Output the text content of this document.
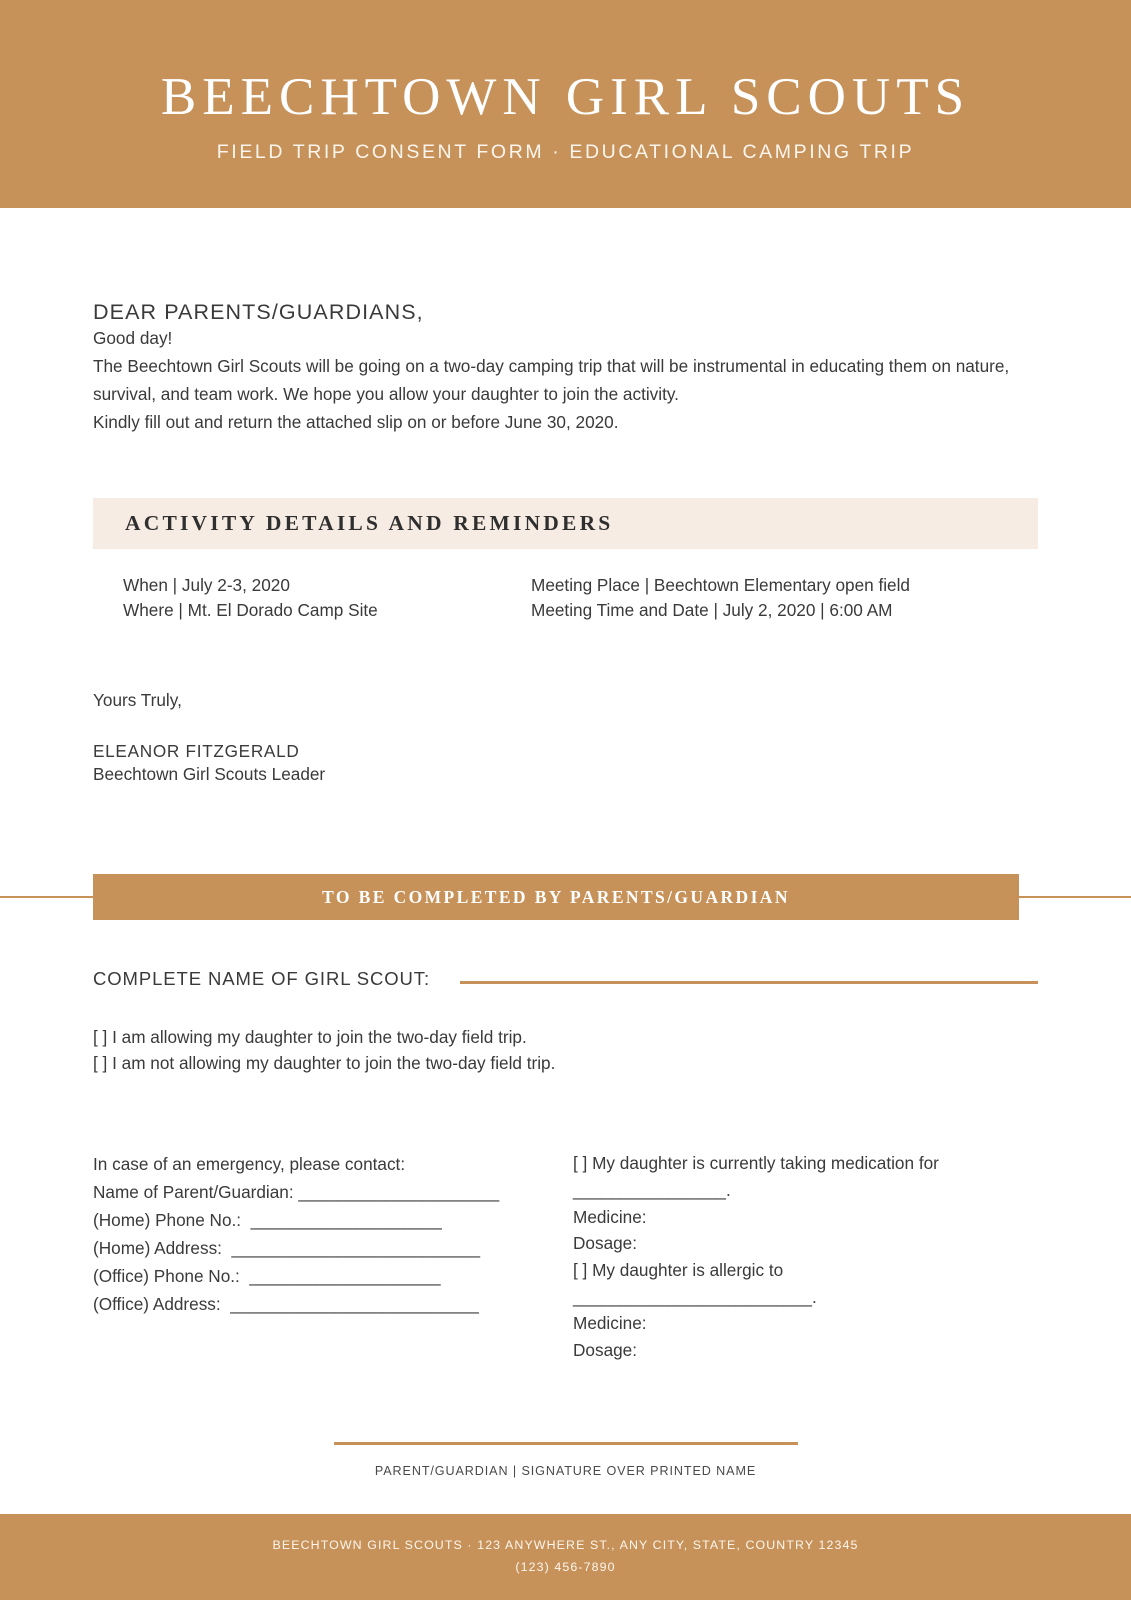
BEECHTOWN GIRL SCOUTS
FIELD TRIP CONSENT FORM · EDUCATIONAL CAMPING TRIP
DEAR PARENTS/GUARDIANS,

Good day!

The Beechtown Girl Scouts will be going on a two-day camping trip that will be instrumental in educating them on nature, survival, and team work. We hope you allow your daughter to join the activity.

Kindly fill out and return the attached slip on or before June 30, 2020.

ACTIVITY DETAILS AND REMINDERS
When | July 2-3, 2020
Where | Mt. El Dorado Camp Site
Meeting Place | Beechtown Elementary open field
Meeting Time and Date | July 2, 2020 | 6:00 AM
Yours Truly,
ELEANOR FITZGERALD
Beechtown Girl Scouts Leader
TO BE COMPLETED BY PARENTS/GUARDIAN
COMPLETE NAME OF GIRL SCOUT:
[ ] I am allowing my daughter to join the two-day field trip.
[ ] I am not allowing my daughter to join the two-day field trip.
In case of an emergency, please contact:
Name of Parent/Guardian: _____________________
(Home) Phone No.:  ____________________
(Home) Address:  __________________________
(Office) Phone No.:  ____________________
(Office) Address:  __________________________
[ ] My daughter is currently taking medication for
________________.
Medicine:
Dosage:
[ ] My daughter is allergic to
_________________________.
Medicine:
Dosage:
PARENT/GUARDIAN | SIGNATURE OVER PRINTED NAME
BEECHTOWN GIRL SCOUTS · 123 ANYWHERE ST., ANY CITY, STATE, COUNTRY 12345
(123) 456-7890
